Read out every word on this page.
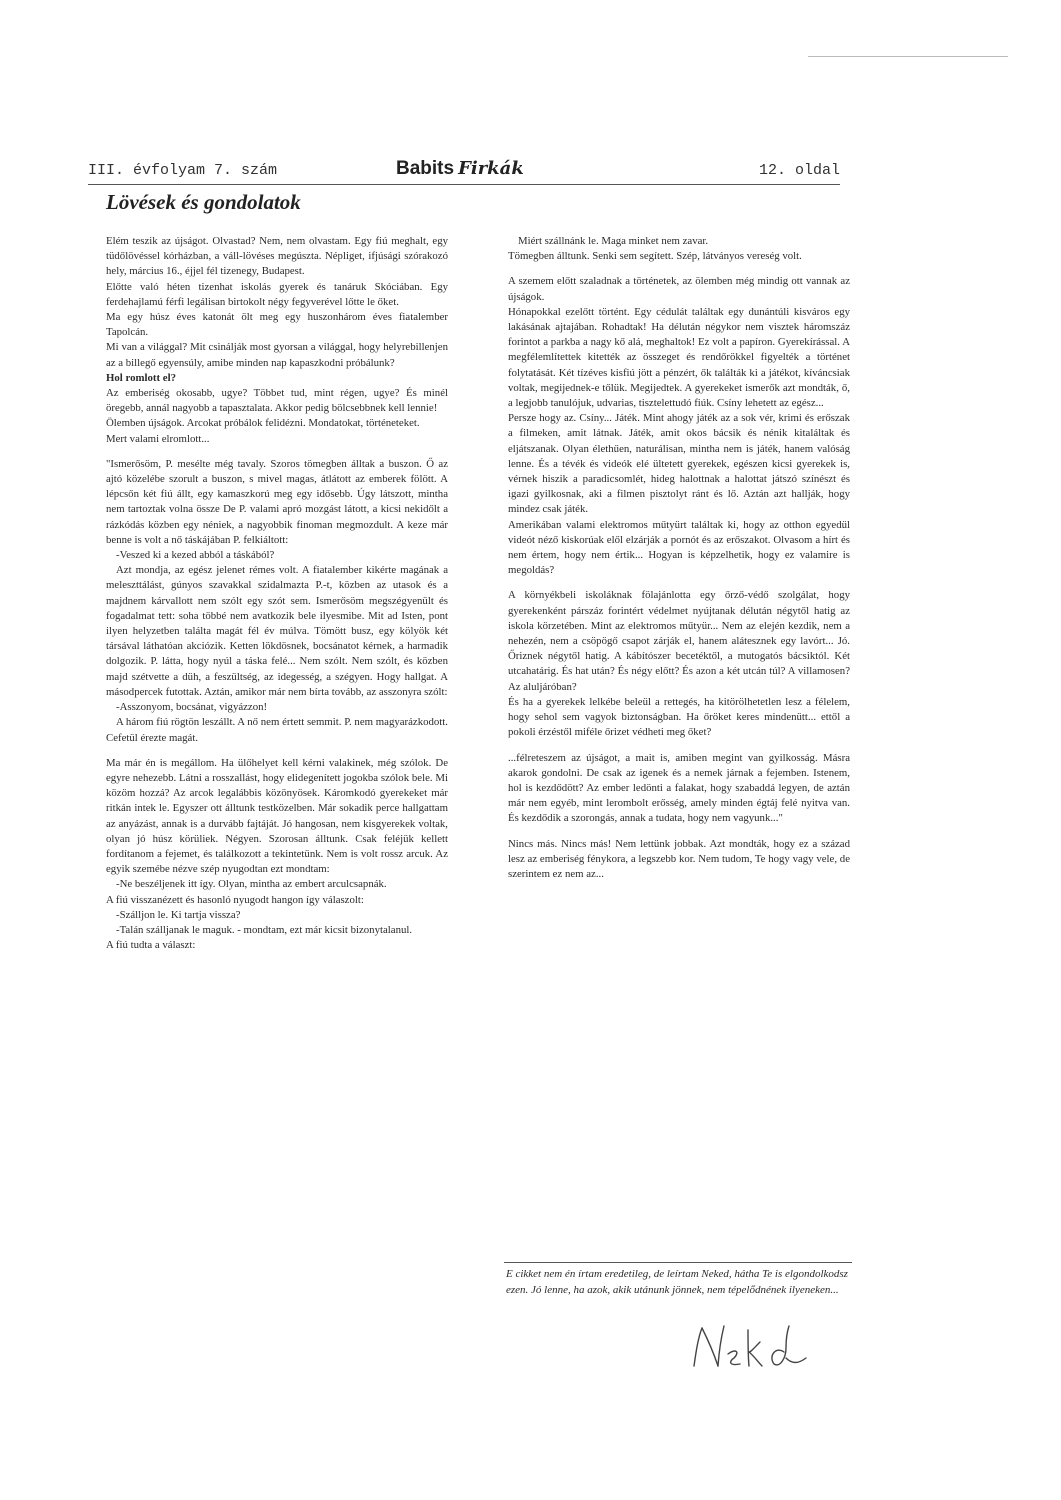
III. évfolyam 7. szám	Babits Firkák	12. oldal
Lövések és gondolatok

Elém teszik az újságot. Olvastad? Nem, nem olvastam. Egy fiú meghalt, egy tüdőlövéssel kórházban, a váll-lövéses megúszta. Népliget, ifjúsági szórakozó hely, március 16., éjjel fél tizenegy, Budapest.

Előtte való héten tizenhat iskolás gyerek és tanáruk Skóciában. Egy ferdehajlamú férfi legálisan birtokolt négy fegyverével lőtte le őket.

Ma egy húsz éves katonát ölt meg egy huszonhárom éves fiatalember Tapolcán.

Mi van a világgal? Mit csinálják most gyorsan a világgal, hogy helyrebillenjen az a billegő egyensúly, amibe minden nap kapaszkodni próbálunk?

Hol romlott el?

Az emberiség okosabb, ugye? Többet tud, mint régen, ugye? És minél öregebb, annál nagyobb a tapasztalata. Akkor pedig bölcsebbnek kell lennie!

Ölemben újságok. Arcokat próbálok felidézni. Mondatokat, történeteket.

Mert valami elromlott...

"Ismerősöm, P. mesélte még tavaly. Szoros tömegben álltak a buszon. Ő az ajtó közelébe szorult a buszon, s mivel magas, átlátott az emberek fölött. A lépcsőn két fiú állt, egy kamaszkorú meg egy idősebb. Úgy látszott, mintha nem tartoztak volna össze De P. valami apró mozgást látott, a kicsi nekidőlt a rázkódás közben egy néniek, a nagyobbik finoman megmozdult. A keze már benne is volt a nő táskájában P. felkiáltott:

-Veszed ki a kezed abból a táskából?

Azt mondja, az egész jelenet rémes volt. A fiatalember kikérte magának a meleszttálást, gúnyos szavakkal szidalmazta P.-t, közben az utasok és a majdnem kárvallott nem szólt egy szót sem. Ismerősöm megszégyenült és fogadalmat tett: soha többé nem avatkozik bele ilyesmibe. Mit ad Isten, pont ilyen helyzetben találta magát fél év múlva. Tömött busz, egy kölyök két társával láthatóan akciózik. Ketten lökdösnek, bocsánatot kérnek, a harmadik dolgozik. P. látta, hogy nyúl a táska felé... Nem szólt. Nem szólt, és közben majd szétvette a düh, a feszültség, az idegesség, a szégyen. Hogy hallgat. A másodpercek futottak. Aztán, amikor már nem bírta tovább, az asszonyra szólt:

-Asszonyom, bocsánat, vigyázzon!

A három fiú rögtön leszállt. A nő nem értett semmit. P. nem magyarázkodott. Cefetül érezte magát.

Ma már én is megállom. Ha ülőhelyet kell kérni valakinek, még szólok. De egyre nehezebb. Látni a rosszallást, hogy elidegenített jogokba szólok bele. Mi közöm hozzá? Az arcok legalábbis közönyösek. Káromkodó gyerekeket már ritkán intek le. Egyszer ott álltunk testközelben. Már sokadik perce hallgattam az anyázást, annak is a durvább fajtáját. Jó hangosan, nem kisgyerekek voltak, olyan jó húsz körüliek. Négyen. Szorosan álltunk. Csak feléjük kellett fordítanom a fejemet, és találkozott a tekintetünk. Nem is volt rossz arcuk. Az egyik szemébe nézve szép nyugodtan ezt mondtam:

-Ne beszéljenek itt így. Olyan, mintha az embert arculcsapnák.

A fiú visszanézett és hasonló nyugodt hangon így válaszolt:

-Szálljon le. Ki tartja vissza?

-Talán szálljanak le maguk. - mondtam, ezt már kicsit bizonytalanul.

A fiú tudta a választ:

Miért szállnánk le. Maga minket nem zavar.

Tömegben álltunk. Senki sem segített. Szép, látványos vereség volt.

A szemem előtt szaladnak a történetek, az ölemben még mindig ott vannak az újságok.

Hónapokkal ezelőtt történt. Egy cédulát találtak egy dunántúli kisváros egy lakásának ajtajában. Rohadtak! Ha délután négykor nem visztek háromszáz forintot a parkba a nagy kő alá, meghaltok! Ez volt a papíron. Gyerekírással. A megfélemlítettek kitették az összeget és rendőrökkel figyelték a történet folytatását. Két tízéves kisfiú jött a pénzért, ők találták ki a játékot, kíváncsiak voltak, megijednek-e tőlük. Megijedtek. A gyerekeket ismerők azt mondták, ő, a legjobb tanulójuk, udvarias, tisztelettudó fiúk. Csíny lehetett az egész...

Persze hogy az. Csíny... Játék. Mint ahogy játék az a sok vér, krimi és erőszak a filmeken, amit látnak. Játék, amit okos bácsik és nénik kitaláltak és eljátszanak. Olyan élethűen, naturálisan, mintha nem is játék, hanem valóság lenne. És a tévék és videók elé ültetett gyerekek, egészen kicsi gyerekek is, vérnek hiszik a paradicsomlét, hideg halottnak a halottat játszó színészt és igazi gyilkosnak, aki a filmen pisztolyt ránt és lő. Aztán azt hallják, hogy mindez csak játék.

Amerikában valami elektromos műtyürt találtak ki, hogy az otthon egyedül videót néző kiskorúak elől elzárják a pornót és az erőszakot. Olvasom a hírt és nem értem, hogy nem értik... Hogyan is képzelhetik, hogy ez valamire is megoldás?

A környékbeli iskoláknak fölajánlotta egy őrző-védő szolgálat, hogy gyerekenként párszáz forintért védelmet nyújtanak délután négytől hatig az iskola körzetében. Mint az elektromos műtyür... Nem az elején kezdik, nem a nehezén, nem a csöpögő csapot zárják el, hanem alátesznek egy lavórt... Jó. Őriznek négytől hatig. A kábítószer becetéktől, a mutogatós bácsiktól. Két utcahatárig. És hat után? És négy előtt? És azon a két utcán túl? A villamosen? Az aluljáróban?

És ha a gyerekek lelkébe beleül a rettegés, ha kitörölhetetlen lesz a félelem, hogy sehol sem vagyok biztonságban. Ha őröket keres mindenütt... ettől a pokoli érzéstől miféle őrizet védheti meg őket?

...félreteszem az újságot, a mait is, amiben megint van gyilkosság. Másra akarok gondolni. De csak az igenek és a nemek járnak a fejemben. Istenem, hol is kezdődött? Az ember ledönti a falakat, hogy szabaddá legyen, de aztán már nem egyéb, mint lerombolt erősség, amely minden égtáj felé nyitva van. És kezdődik a szorongás, annak a tudata, hogy nem vagyunk..."

Nincs más. Nincs más! Nem lettünk jobbak. Azt mondták, hogy ez a század lesz az emberiség fénykora, a legszebb kor. Nem tudom, Te hogy vagy vele, de szerintem ez nem az...

E cikket nem én írtam eredetileg, de leírtam Neked, hátha Te is elgondolkodsz ezen. Jó lenne, ha azok, akik utánunk jönnek, nem tépelődnének ilyeneken...
